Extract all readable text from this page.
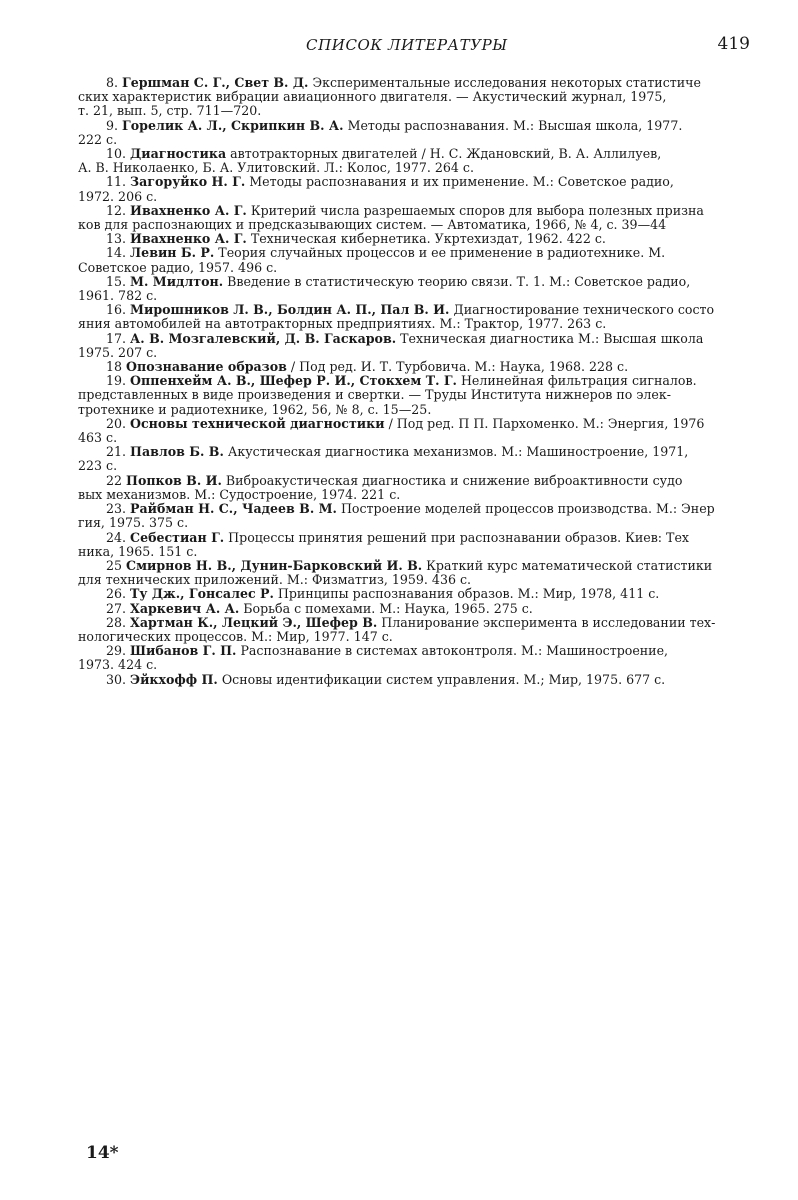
СПИСОК ЛИТЕРАТУРЫ	419

8. Гершман С. Г., Свет В. Д. Экспериментальные исследования некоторых статистиче
ских характеристик вибрации авиационного двигателя. — Акустический журнал, 1975,
т. 21, вып. 5, стр. 711—720.

9. Горелик А. Л., Скрипкин В. А. Методы распознавания. М.: Высшая школа, 1977.
222 с.

10. Диагностика автотракторных двигателей / Н. С. Ждановский, В. А. Аллилуев,
А. В. Николаенко, Б. А. Улитовский. Л.: Колос, 1977. 264 с.

11. Загоруйко Н. Г. Методы распознавания и их применение. М.: Советское радио,
1972. 206 с.

12. Ивахненко А. Г. Критерий числа разрешаемых споров для выбора полезных призна
ков для распознающих и предсказывающих систем. — Автоматика, 1966, № 4, с. 39—44

13. Ивахненко А. Г. Техническая кибернетика. Укртехиздат, 1962. 422 с.

14. Левин Б. Р. Теория случайных процессов и ее применение в радиотехнике. М.
Советское радио, 1957. 496 с.

15. М. Мидлтон. Введение в статистическую теорию связи. Т. 1. М.: Советское радио,
1961. 782 с.

16. Мирошников Л. В., Болдин А. П., Пал В. И. Диагностирование технического состо
яния автомобилей на автотракторных предприятиях. М.: Трактор, 1977. 263 с.

17. А. В. Мозгалевский, Д. В. Гаскаров. Техническая диагностика М.: Высшая школа
1975. 207 с.

18 Опознавание образов / Под ред. И. Т. Турбовича. М.: Наука, 1968. 228 с.

19. Оппенхейм А. В., Шефер Р. И., Стокхем Т. Г. Нелинейная фильтрация сигналов.
представленных в виде произведения и свертки. — Труды Института нижнеров по элек-
тротехнике и радиотехнике, 1962, 56, № 8, с. 15—25.

20. Основы технической диагностики / Под ред. П П. Пархоменко. М.: Энергия, 1976
463 с.

21. Павлов Б. В. Акустическая диагностика механизмов. М.: Машиностроение, 1971,
223 с.

22 Попков В. И. Виброакустическая диагностика и снижение виброактивности судо
вых механизмов. М.: Судостроение, 1974. 221 с.

23. Райбман Н. С., Чадеев В. М. Построение моделей процессов производства. М.: Энер
гия, 1975. 375 с.

24. Себестиан Г. Процессы принятия решений при распознавании образов. Киев: Тех
ника, 1965. 151 с.

25 Смирнов Н. В., Дунин-Барковский И. В. Краткий курс математической статистики
для технических приложений. М.: Физматгиз, 1959. 436 с.

26. Ту Дж., Гонсалес Р. Принципы распознавания образов. М.: Мир, 1978, 411 с.

27. Харкевич А. А. Борьба с помехами. М.: Наука, 1965. 275 с.

28. Хартман К., Лецкий Э., Шефер В. Планирование эксперимента в исследовании тех-
нологических процессов. М.: Мир, 1977. 147 с.

29. Шибанов Г. П. Распознавание в системах автоконтроля. М.: Машиностроение,
1973. 424 с.

30. Эйкхофф П. Основы идентификации систем управления. М.; Мир, 1975. 677 с.

14*
